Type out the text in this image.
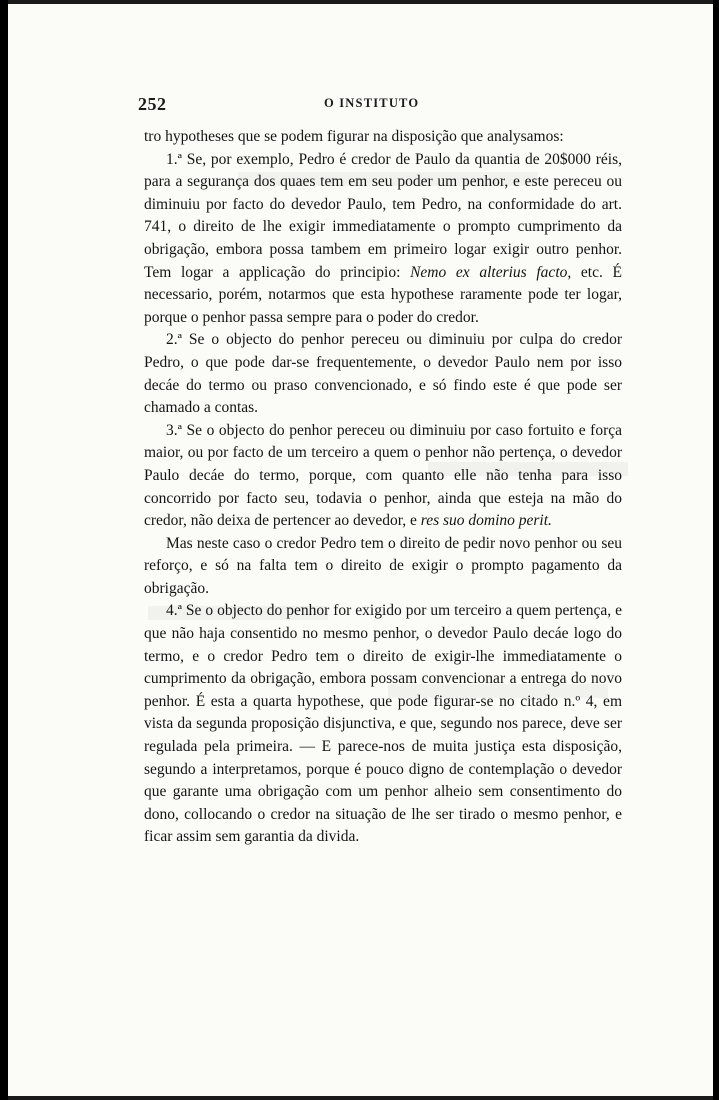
252	O INSTITUTO

tro hypotheses que se podem figurar na disposição que analysamos:

1.ª Se, por exemplo, Pedro é credor de Paulo da quantia de 20$000 réis, para a segurança dos quaes tem em seu poder um penhor, e este pereceu ou diminuiu por facto do devedor Paulo, tem Pedro, na conformidade do art. 741, o direito de lhe exigir immediatamente o prompto cumprimento da obrigação, embora possa tambem em primeiro logar exigir outro penhor. Tem logar a applicação do principio: Nemo ex alterius facto, etc. É necessario, porém, notarmos que esta hypothese raramente pode ter logar, porque o penhor passa sempre para o poder do credor.

2.ª Se o objecto do penhor pereceu ou diminuiu por culpa do credor Pedro, o que pode dar-se frequentemente, o devedor Paulo nem por isso decáe do termo ou praso convencionado, e só findo este é que pode ser chamado a contas.

3.ª Se o objecto do penhor pereceu ou diminuiu por caso fortuito e força maior, ou por facto de um terceiro a quem o penhor não pertença, o devedor Paulo decáe do termo, porque, com quanto elle não tenha para isso concorrido por facto seu, todavia o penhor, ainda que esteja na mão do credor, não deixa de pertencer ao devedor, e res suo domino perit.

Mas neste caso o credor Pedro tem o direito de pedir novo penhor ou seu reforço, e só na falta tem o direito de exigir o prompto pagamento da obrigação.

4.ª Se o objecto do penhor for exigido por um terceiro a quem pertença, e que não haja consentido no mesmo penhor, o devedor Paulo decáe logo do termo, e o credor Pedro tem o direito de exigir-lhe immediatamente o cumprimento da obrigação, embora possam convencionar a entrega do novo penhor. É esta a quarta hypothese, que pode figurar-se no citado n.º 4, em vista da segunda proposição disjunctiva, e que, segundo nos parece, deve ser regulada pela primeira. — E parece-nos de muita justiça esta disposição, segundo a interpretamos, porque é pouco digno de contemplação o devedor que garante uma obrigação com um penhor alheio sem consentimento do dono, collocando o credor na situação de lhe ser tirado o mesmo penhor, e ficar assim sem garantia da divida.
